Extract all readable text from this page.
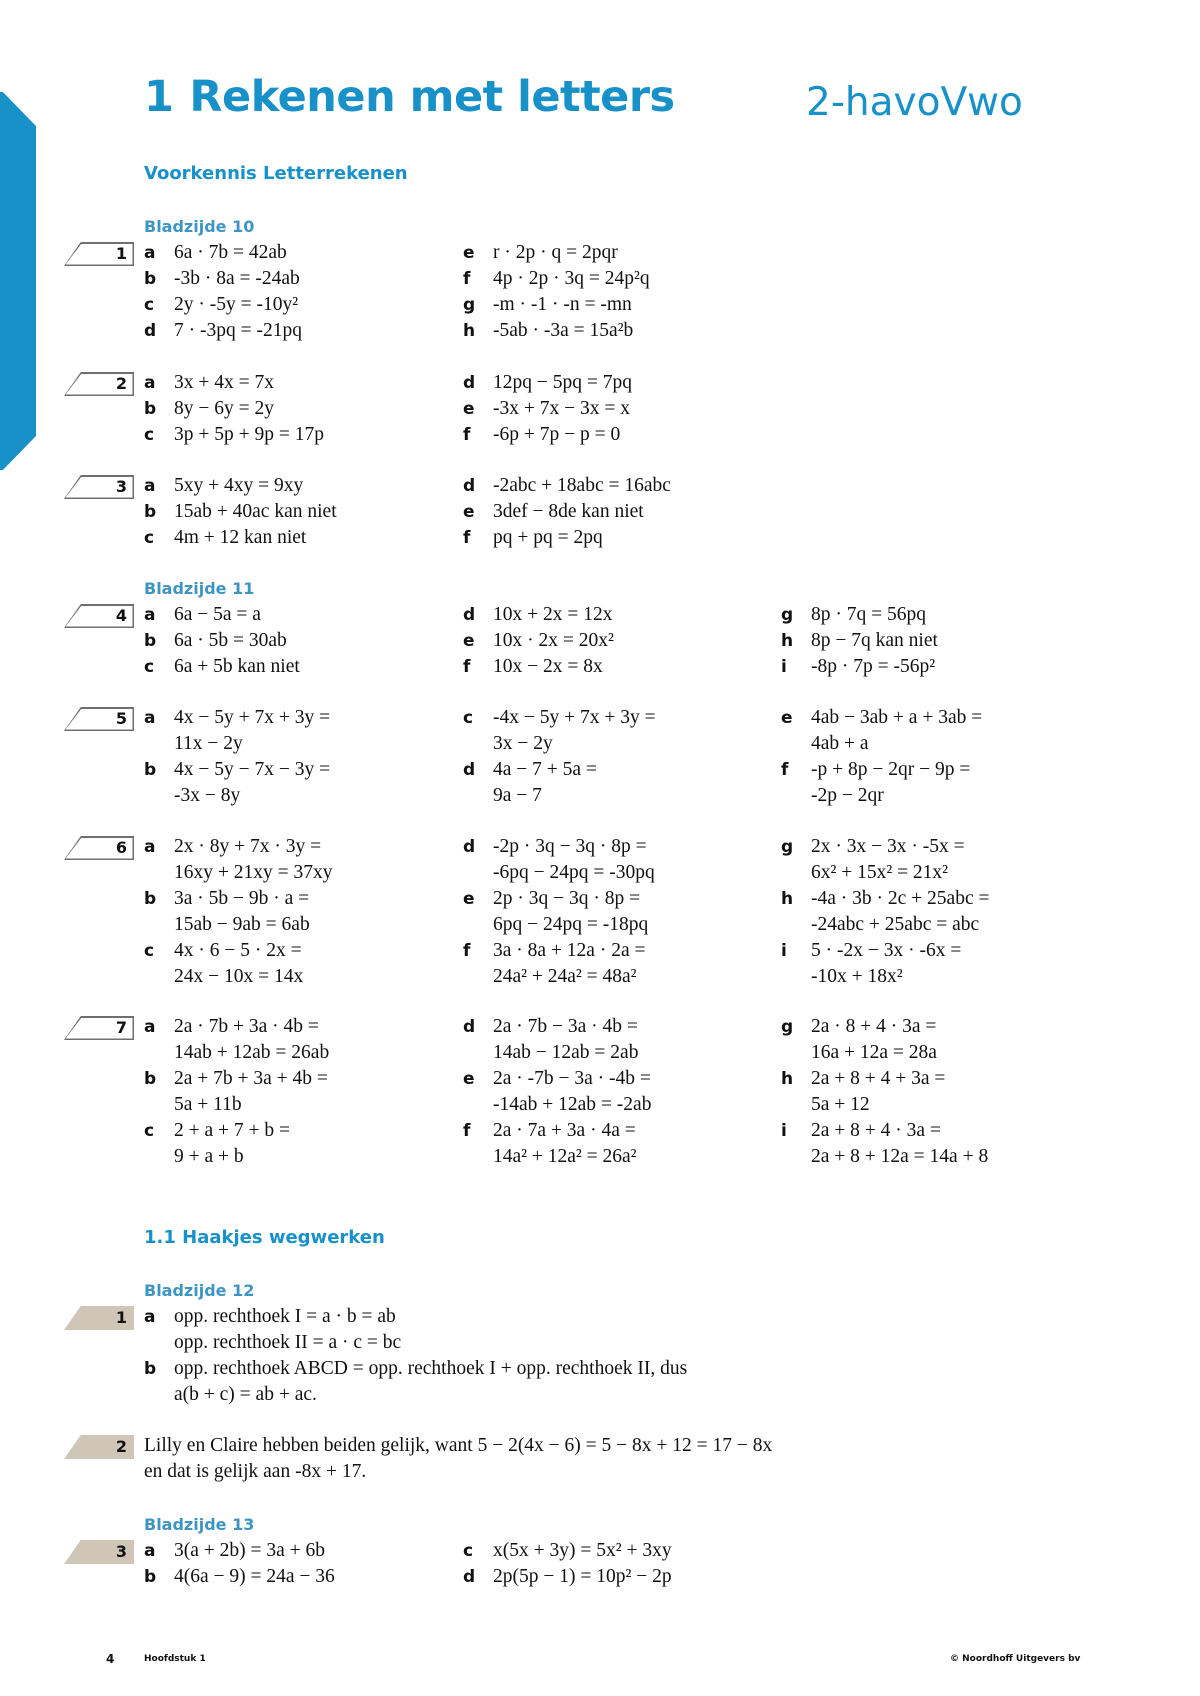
1 Rekenen met letters	2-havoVwo
Voorkennis Letterrekenen
Bladzijde 10
1 a 6a · 7b = 42ab
b -3b · 8a = -24ab
c	2y · -5y = -10y²
d 7 · -3pq = -21pq
e r · 2p · q = 2pqr
f	4p · 2p · 3q = 24p²q
g -m · -1 · -n = -mn
h -5ab · -3a = 15a²b
2 a 3x + 4x = 7x
b 8y − 6y = 2y
c	3p + 5p + 9p = 17p
d 12pq − 5pq = 7pq
e -3x + 7x − 3x = x
f	-6p + 7p − p = 0
3 a 5xy + 4xy = 9xy
b 15ab + 40ac kan niet
c	4m + 12 kan niet
d -2abc + 18abc = 16abc
e 3def − 8de kan niet
f	pq + pq = 2pq
Bladzijde 11
4 a 6a − 5a = a
b 6a · 5b = 30ab
c	6a + 5b kan niet
d 10x + 2x = 12x
e 10x · 2x = 20x²
f	10x − 2x = 8x
g 8p · 7q = 56pq
h 8p − 7q kan niet
i	-8p · 7p = -56p²
5 a 4x − 5y + 7x + 3y =
11x − 2y
b 4x − 5y − 7x − 3y =
-3x − 8y
c	-4x − 5y + 7x + 3y =
3x − 2y
d 4a − 7 + 5a =
9a − 7
e 4ab − 3ab + a + 3ab =
4ab + a
f	-p + 8p − 2qr − 9p =
-2p − 2qr
6 a 2x · 8y + 7x · 3y =
16xy + 21xy = 37xy
b 3a · 5b − 9b · a =
15ab − 9ab = 6ab
c	4x · 6 − 5 · 2x =
24x − 10x = 14x
d -2p · 3q − 3q · 8p =
-6pq − 24pq = -30pq
e 2p · 3q − 3q · 8p =
6pq − 24pq = -18pq
f	3a · 8a + 12a · 2a =
24a² + 24a² = 48a²
g 2x · 3x − 3x · -5x =
6x² + 15x² = 21x²
h -4a · 3b · 2c + 25abc =
-24abc + 25abc = abc
i	5 · -2x − 3x · -6x =
-10x + 18x²
7 a 2a · 7b + 3a · 4b =
14ab + 12ab = 26ab
b 2a + 7b + 3a + 4b =
5a + 11b
c	2 + a + 7 + b =
9 + a + b
d 2a · 7b − 3a · 4b =
14ab − 12ab = 2ab
e 2a · -7b − 3a · -4b =
-14ab + 12ab = -2ab
f	2a · 7a + 3a · 4a =
14a² + 12a² = 26a²
g 2a · 8 + 4 · 3a =
16a + 12a = 28a
h 2a + 8 + 4 + 3a =
5a + 12
i	2a + 8 + 4 · 3a =
2a + 8 + 12a = 14a + 8
1.1 Haakjes wegwerken
Bladzijde 12
1 a opp. rechthoek I = a · b = ab
opp. rechthoek II = a · c = bc
b opp. rechthoek ABCD = opp. rechthoek I + opp. rechthoek II, dus
a(b + c) = ab + ac.
2 Lilly en Claire hebben beiden gelijk, want 5 − 2(4x − 6) = 5 − 8x + 12 = 17 − 8x
en dat is gelijk aan -8x + 17.
Bladzijde 13
3 a 3(a + 2b) = 3a + 6b
b 4(6a − 9) = 24a − 36
c	x(5x + 3y) = 5x² + 3xy
d 2p(5p − 1) = 10p² − 2p
4	Hoofdstuk 1	© Noordhoff Uitgevers bv
